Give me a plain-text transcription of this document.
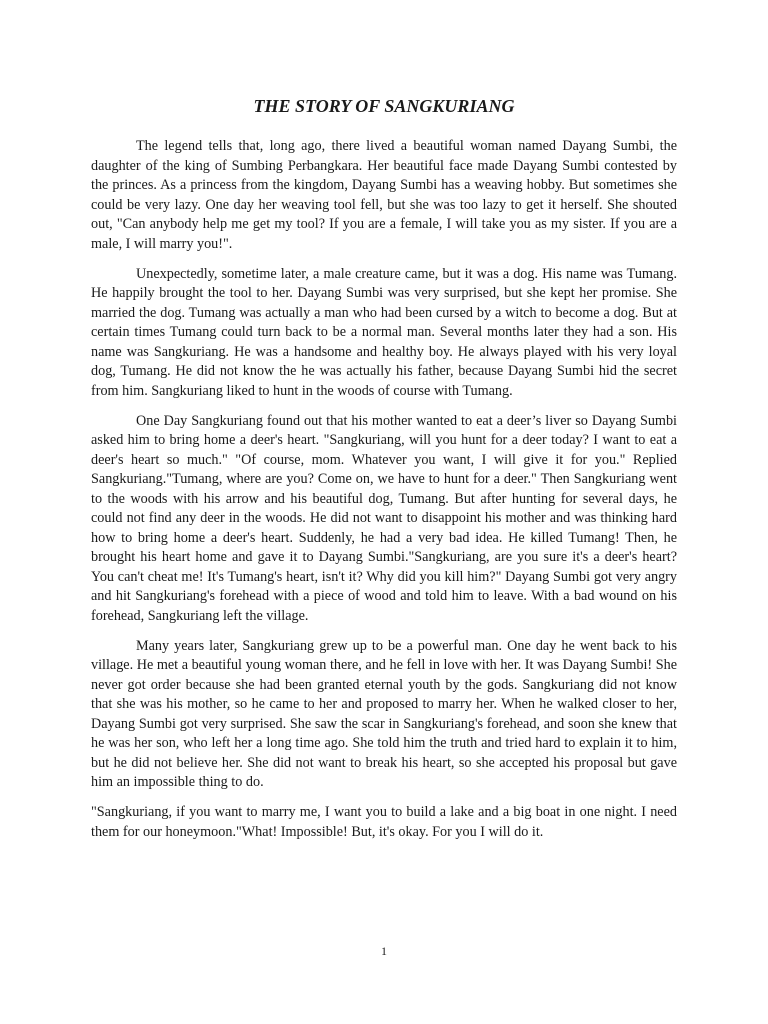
THE STORY OF SANGKURIANG

The legend tells that, long ago, there lived a beautiful woman named Dayang Sumbi, the daughter of the king of Sumbing Perbangkara. Her beautiful face made Dayang Sumbi contested by the princes. As a princess from the kingdom, Dayang Sumbi has a weaving hobby. But sometimes she could be very lazy. One day her weaving tool fell, but she was too lazy to get it herself. She shouted out, "Can anybody help me get my tool? If you are a female, I will take you as my sister. If you are a male, I will marry you!".

Unexpectedly, sometime later, a male creature came, but it was a dog. His name was Tumang. He happily brought the tool to her. Dayang Sumbi was very surprised, but she kept her promise. She married the dog. Tumang was actually a man who had been cursed by a witch to become a dog. But at certain times Tumang could turn back to be a normal man. Several months later they had a son. His name was Sangkuriang. He was a handsome and healthy boy. He always played with his very loyal dog, Tumang. He did not know the he was actually his father, because Dayang Sumbi hid the secret from him. Sangkuriang liked to hunt in the woods of course with Tumang.

One Day Sangkuriang found out that his mother wanted to eat a deer’s liver so Dayang Sumbi asked him to bring home a deer's heart. "Sangkuriang, will you hunt for a deer today? I want to eat a deer's heart so much." "Of course, mom. Whatever you want, I will give it for you." Replied Sangkuriang."Tumang, where are you? Come on, we have to hunt for a deer." Then Sangkuriang went to the woods with his arrow and his beautiful dog, Tumang. But after hunting for several days, he could not find any deer in the woods. He did not want to disappoint his mother and was thinking hard how to bring home a deer's heart. Suddenly, he had a very bad idea. He killed Tumang! Then, he brought his heart home and gave it to Dayang Sumbi."Sangkuriang, are you sure it's a deer's heart? You can't cheat me! It's Tumang's heart, isn't it? Why did you kill him?" Dayang Sumbi got very angry and hit Sangkuriang's forehead with a piece of wood and told him to leave. With a bad wound on his forehead, Sangkuriang left the village.

Many years later, Sangkuriang grew up to be a powerful man. One day he went back to his village. He met a beautiful young woman there, and he fell in love with her. It was Dayang Sumbi! She never got order because she had been granted eternal youth by the gods. Sangkuriang did not know that she was his mother, so he came to her and proposed to marry her. When he walked closer to her, Dayang Sumbi got very surprised. She saw the scar in Sangkuriang's forehead, and soon she knew that he was her son, who left her a long time ago. She told him the truth and tried hard to explain it to him, but he did not believe her. She did not want to break his heart, so she accepted his proposal but gave him an impossible thing to do.

"Sangkuriang, if you want to marry me, I want you to build a lake and a big boat in one night. I need them for our honeymoon."What! Impossible! But, it's okay. For you I will do it.

1
